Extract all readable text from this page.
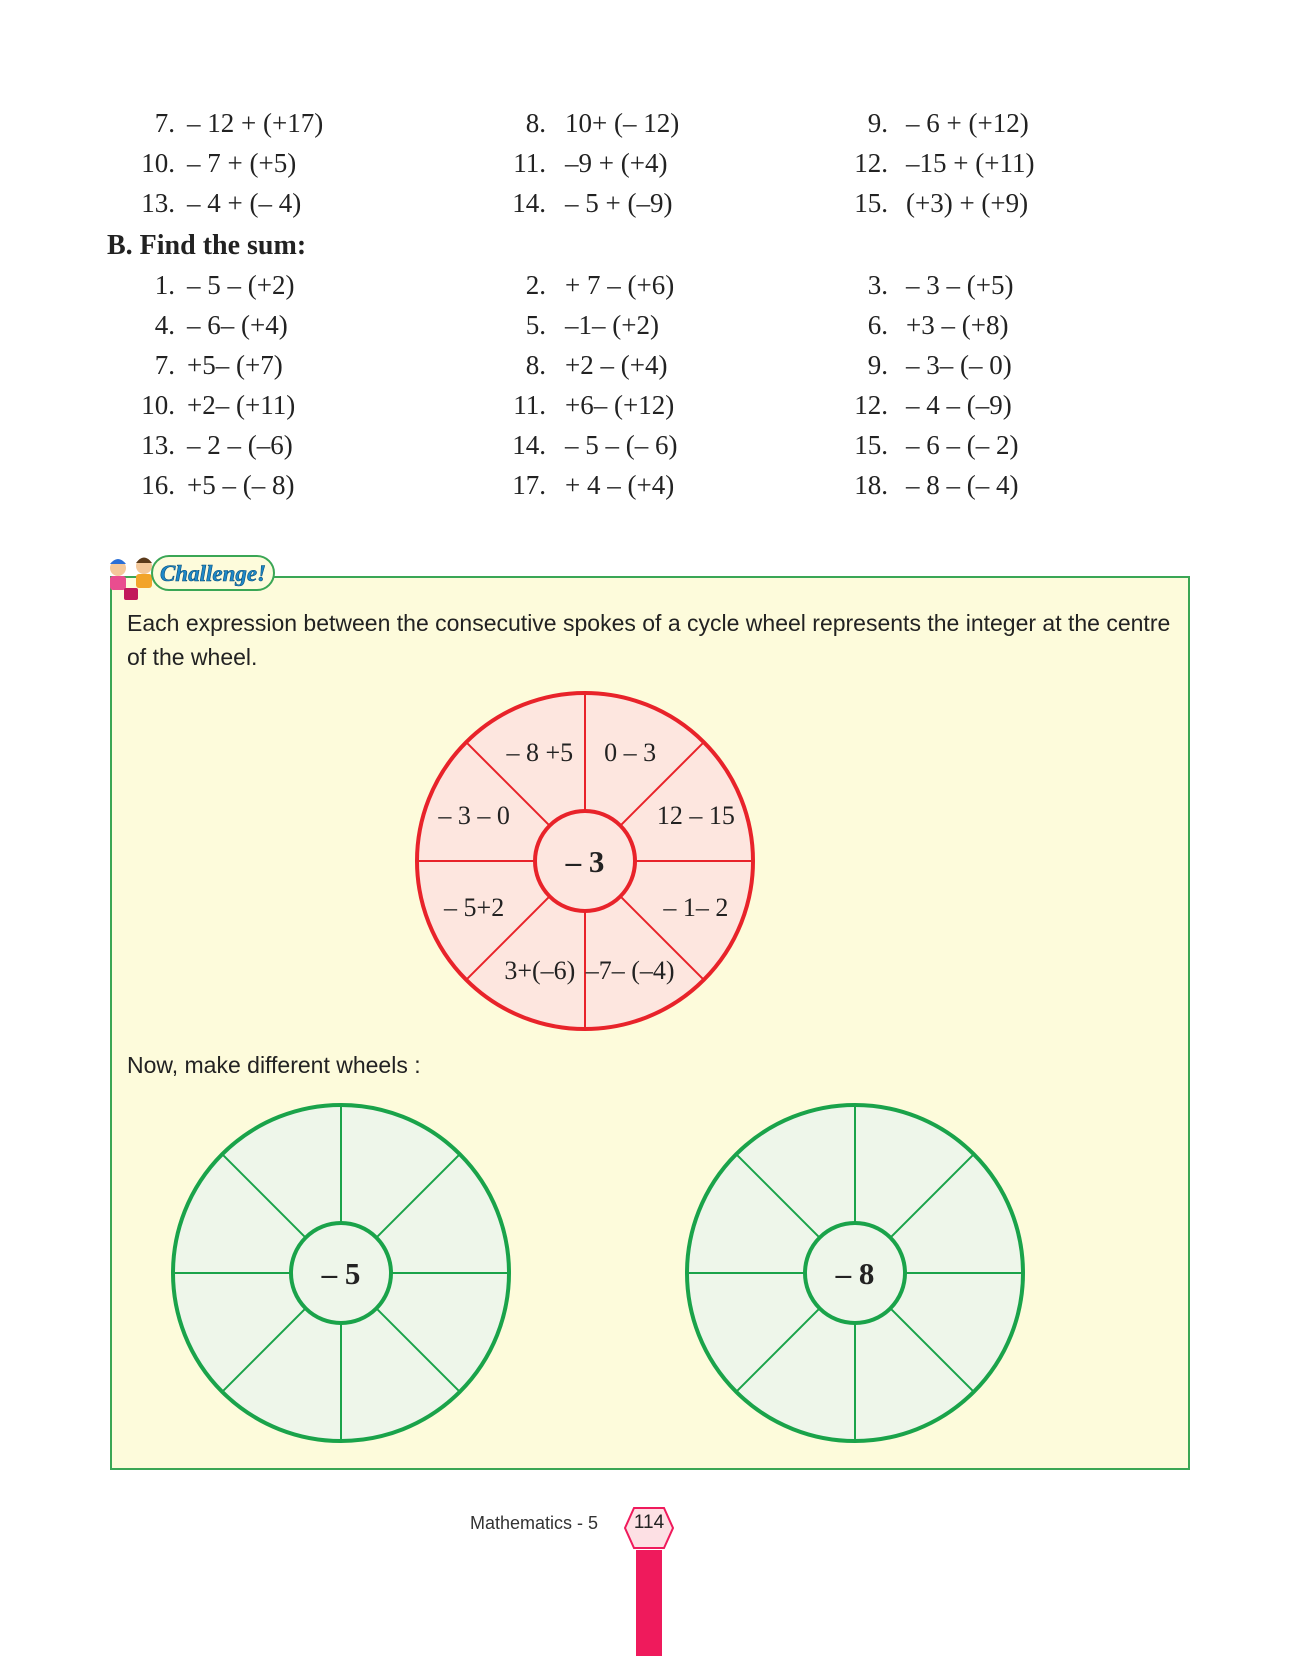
7. – 12 + (+17)	8. 10+ (– 12)	9. – 6 + (+12)
10. – 7 + (+5)	11. –9 + (+4)	12. –15 + (+11)
13. – 4 + (– 4)	14. – 5 + (–9)	15. (+3) + (+9)
B. Find the sum:
1. – 5 – (+2)	2. + 7 – (+6)	3. – 3 – (+5)
4. – 6– (+4)	5. –1– (+2)	6. +3 – (+8)
7. +5– (+7)	8. +2 – (+4)	9. – 3– (– 0)
10. +2– (+11)	11. +6– (+12)	12. – 4 – (–9)
13. – 2 – (–6)	14. – 5 – (– 6)	15. – 6 – (– 2)
16. +5 – (– 8)	17. + 4 – (+4)	18. – 8 – (– 4)
Challenge!
Each expression between the consecutive spokes of a cycle wheel represents the integer at the centre of the wheel.
– 3
– 8 +5 0 – 3
12 – 15
– 1– 2
–7– (–4)
3+(–6)
– 5+2
– 3 – 0
Now, make different wheels :
– 5	– 8
Mathematics - 5	114
